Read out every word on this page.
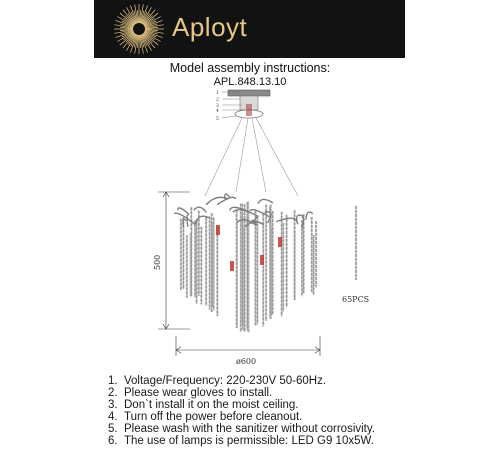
Aployt
Model assembly instructions:
APL.848.13.10
1
2
3
4
5
65PCS
500
ø600
1. Voltage/Frequency: 220-230V 50-60Hz.
2. Please wear gloves to install.
3. Don`t install it on the moist ceiling.
4. Turn off the power before cleanout.
5. Please wash with the sanitizer without corrosivity.
6. The use of lamps is permissible: LED G9 10x5W.
